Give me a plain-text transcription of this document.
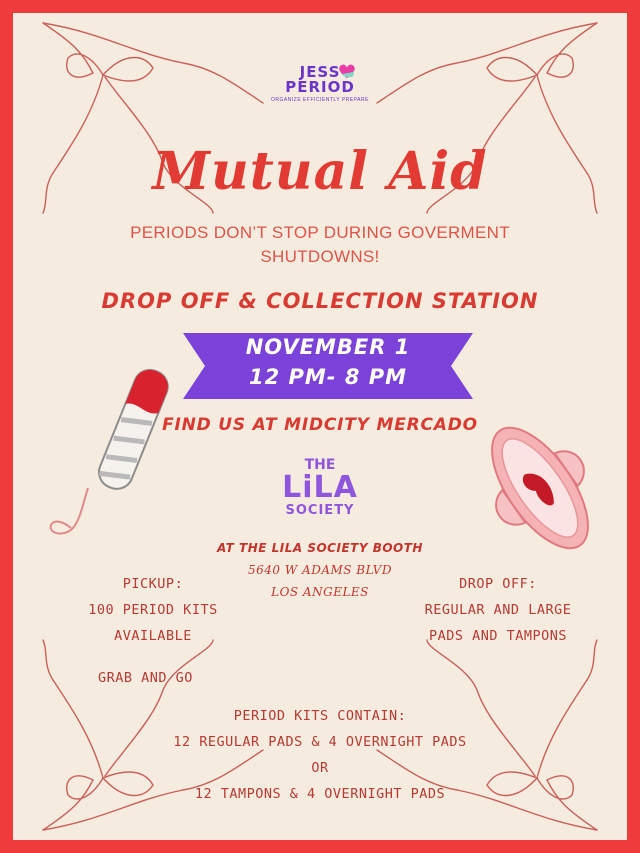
JESS
PERIOD
ORGANIZE EFFICIENTLY PREPARE
Mutual Aid
PERIODS DON’T STOP DURING GOVERMENT
SHUTDOWNS!
DROP OFF & COLLECTION STATION
NOVEMBER 1
12 PM- 8 PM
FIND US AT MIDCITY MERCADO
THE
LiLA
SOCIETY
AT THE LILA SOCIETY BOOTH
5640 W ADAMS BLVD
LOS ANGELES
PICKUP:
100 PERIOD KITS
AVAILABLE
GRAB AND GO
DROP OFF:
REGULAR AND LARGE
PADS AND TAMPONS
PERIOD KITS CONTAIN:
12 REGULAR PADS & 4 OVERNIGHT PADS
OR
12 TAMPONS & 4 OVERNIGHT PADS
